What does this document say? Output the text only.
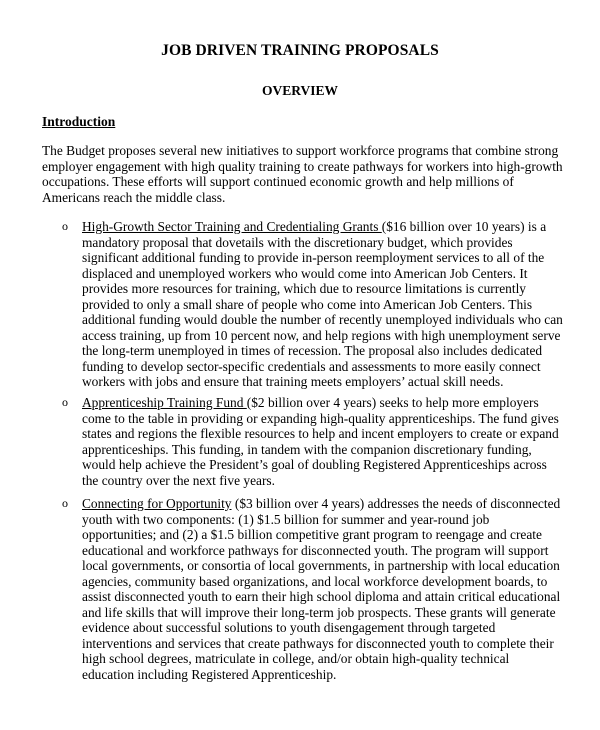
JOB DRIVEN TRAINING PROPOSALS
OVERVIEW
Introduction
The Budget proposes several new initiatives to support workforce programs that combine strong
employer engagement with high quality training to create pathways for workers into high-growth
occupations. These efforts will support continued economic growth and help millions of
Americans reach the middle class.
o High-Growth Sector Training and Credentialing Grants ($16 billion over 10 years) is a
mandatory proposal that dovetails with the discretionary budget, which provides
significant additional funding to provide in-person reemployment services to all of the
displaced and unemployed workers who would come into American Job Centers. It
provides more resources for training, which due to resource limitations is currently
provided to only a small share of people who come into American Job Centers. This
additional funding would double the number of recently unemployed individuals who can
access training, up from 10 percent now, and help regions with high unemployment serve
the long-term unemployed in times of recession. The proposal also includes dedicated
funding to develop sector-specific credentials and assessments to more easily connect
workers with jobs and ensure that training meets employers’ actual skill needs.
o Apprenticeship Training Fund ($2 billion over 4 years) seeks to help more employers
come to the table in providing or expanding high-quality apprenticeships. The fund gives
states and regions the flexible resources to help and incent employers to create or expand
apprenticeships. This funding, in tandem with the companion discretionary funding,
would help achieve the President’s goal of doubling Registered Apprenticeships across
the country over the next five years.
o Connecting for Opportunity ($3 billion over 4 years) addresses the needs of disconnected
youth with two components: (1) $1.5 billion for summer and year-round job
opportunities; and (2) a $1.5 billion competitive grant program to reengage and create
educational and workforce pathways for disconnected youth. The program will support
local governments, or consortia of local governments, in partnership with local education
agencies, community based organizations, and local workforce development boards, to
assist disconnected youth to earn their high school diploma and attain critical educational
and life skills that will improve their long-term job prospects. These grants will generate
evidence about successful solutions to youth disengagement through targeted
interventions and services that create pathways for disconnected youth to complete their
high school degrees, matriculate in college, and/or obtain high-quality technical
education including Registered Apprenticeship.
